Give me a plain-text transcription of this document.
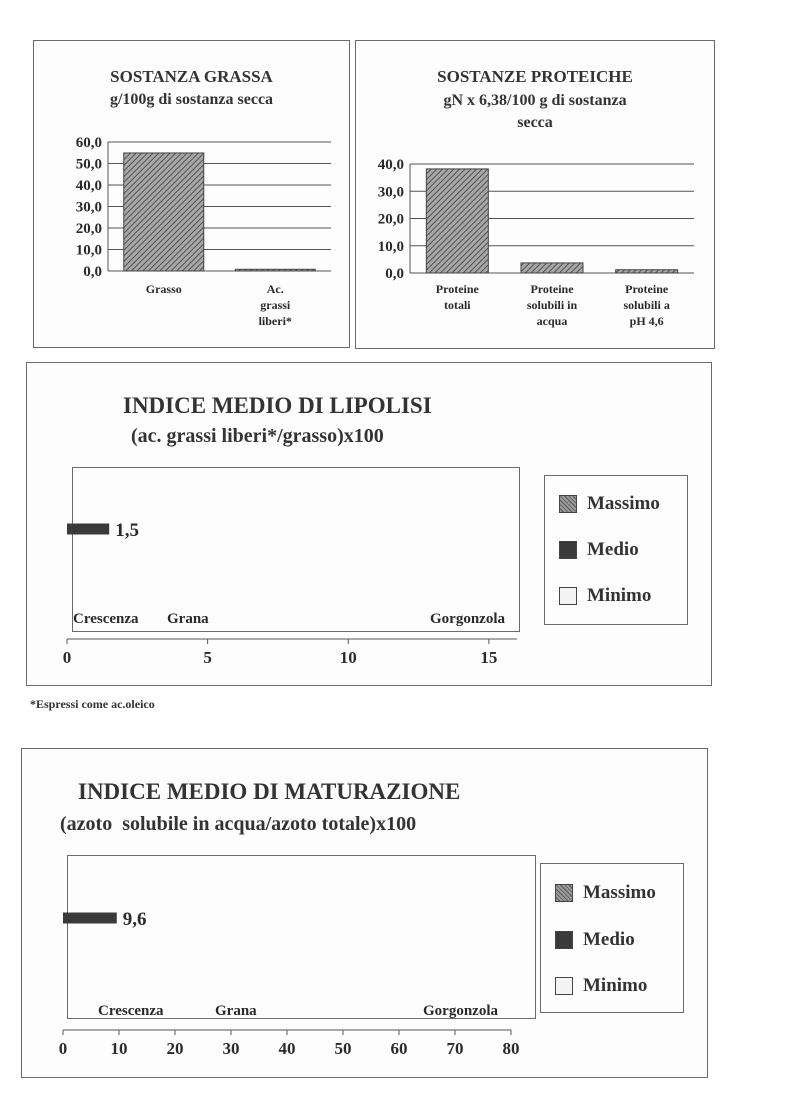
SOSTANZA GRASSA
g/100g di sostanza secca
0,0
10,0
20,0
30,0
40,0
50,0
60,0
Grasso	Ac.
grassi
liberi*
SOSTANZE PROTEICHE
gN x 6,38/100 g di sostanza
secca
0,0
10,0
20,0
30,0
40,0
Proteine
totali
Proteine
solubili in
acqua
Proteine
solubili a
pH 4,6
INDICE MEDIO DI LIPOLISI
(ac. grassi liberi*/grasso)x100
Massimo
Medio
Minimo
0	5	10	15
Crescenza Grana	Gorgonzola
1,5
*Espressi come ac.oleico
INDICE MEDIO DI MATURAZIONE
(azoto  solubile in acqua/azoto totale)x100
Massimo
Medio
Minimo
0	10 20 30 40 50 60 70 80
Crescenza	Grana	Gorgonzola
9,6
